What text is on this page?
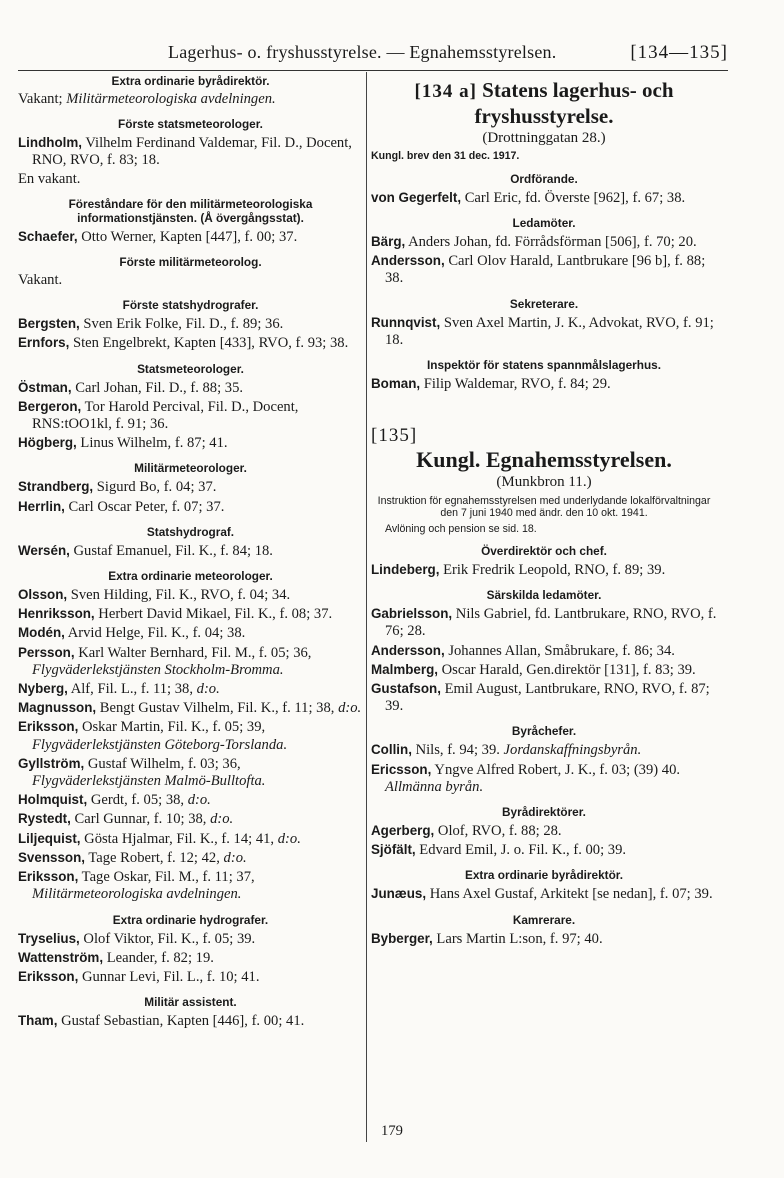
Lagerhus- o. fryshusstyrelse. — Egnahemsstyrelsen.	[134—135]
Extra ordinarie byrådirektör.
Vakant; Militärmeteorologiska avdelningen.
Förste statsmeteorologer.
Lindholm, Vilhelm Ferdinand Valdemar, Fil. D., Docent, RNO, RVO, f. 83; 18.
En vakant.
Föreståndare för den militärmeteorologiska informationstjänsten. (Å övergångsstat).
Schaefer, Otto Werner, Kapten [447], f. 00; 37.
Förste militärmeteorolog.
Vakant.
Förste statshydrografer.
Bergsten, Sven Erik Folke, Fil. D., f. 89; 36.
Ernfors, Sten Engelbrekt, Kapten [433], RVO, f. 93; 38.
Statsmeteorologer.
Östman, Carl Johan, Fil. D., f. 88; 35.
Bergeron, Tor Harold Percival, Fil. D., Docent, RNS:tOO1kl, f. 91; 36.
Högberg, Linus Wilhelm, f. 87; 41.
Militärmeteorologer.
Strandberg, Sigurd Bo, f. 04; 37.
Herrlin, Carl Oscar Peter, f. 07; 37.
Statshydrograf.
Wersén, Gustaf Emanuel, Fil. K., f. 84; 18.
Extra ordinarie meteorologer.
Olsson, Sven Hilding, Fil. K., RVO, f. 04; 34.
Henriksson, Herbert David Mikael, Fil. K., f. 08; 37.
Modén, Arvid Helge, Fil. K., f. 04; 38.
Persson, Karl Walter Bernhard, Fil. M., f. 05; 36, Flygväderlekstjänsten Stockholm-Bromma.
Nyberg, Alf, Fil. L., f. 11; 38, d:o.
Magnusson, Bengt Gustav Vilhelm, Fil. K., f. 11; 38, d:o.
Eriksson, Oskar Martin, Fil. K., f. 05; 39, Flygväderlekstjänsten Göteborg-Torslanda.
Gyllström, Gustaf Wilhelm, f. 03; 36, Flygväderlekstjänsten Malmö-Bulltofta.
Holmquist, Gerdt, f. 05; 38, d:o.
Rystedt, Carl Gunnar, f. 10; 38, d:o.
Liljequist, Gösta Hjalmar, Fil. K., f. 14; 41, d:o.
Svensson, Tage Robert, f. 12; 42, d:o.
Eriksson, Tage Oskar, Fil. M., f. 11; 37, Militärmeteorologiska avdelningen.
Extra ordinarie hydrografer.
Tryselius, Olof Viktor, Fil. K., f. 05; 39.
Wattenström, Leander, f. 82; 19.
Eriksson, Gunnar Levi, Fil. L., f. 10; 41.
Militär assistent.
Tham, Gustaf Sebastian, Kapten [446], f. 00; 41.
[134 a] Statens lagerhus- och fryshusstyrelse.
(Drottninggatan 28.)
Kungl. brev den 31 dec. 1917.
Ordförande.
von Gegerfelt, Carl Eric, fd. Överste [962], f. 67; 38.
Ledamöter.
Bärg, Anders Johan, fd. Förrådsförman [506], f. 70; 20.
Andersson, Carl Olov Harald, Lantbrukare [96 b], f. 88; 38.
Sekreterare.
Runnqvist, Sven Axel Martin, J. K., Advokat, RVO, f. 91; 18.
Inspektör för statens spannmålslagerhus.
Boman, Filip Waldemar, RVO, f. 84; 29.
[135]
Kungl. Egnahemsstyrelsen.
(Munkbron 11.)
Instruktion för egnahemsstyrelsen med underlydande lokalförvaltningar den 7 juni 1940 med ändr. den 10 okt. 1941.
Avlöning och pension se sid. 18.
Överdirektör och chef.
Lindeberg, Erik Fredrik Leopold, RNO, f. 89; 39.
Särskilda ledamöter.
Gabrielsson, Nils Gabriel, fd. Lantbrukare, RNO, RVO, f. 76; 28.
Andersson, Johannes Allan, Småbrukare, f. 86; 34.
Malmberg, Oscar Harald, Gen.direktör [131], f. 83; 39.
Gustafson, Emil August, Lantbrukare, RNO, RVO, f. 87; 39.
Byråchefer.
Collin, Nils, f. 94; 39. Jordanskaffningsbyrån.
Ericsson, Yngve Alfred Robert, J. K., f. 03; (39) 40. Allmänna byrån.
Byrådirektörer.
Agerberg, Olof, RVO, f. 88; 28.
Sjöfält, Edvard Emil, J. o. Fil. K., f. 00; 39.
Extra ordinarie byrådirektör.
Junæus, Hans Axel Gustaf, Arkitekt [se nedan], f. 07; 39.
Kamrerare.
Byberger, Lars Martin L:son, f. 97; 40.
179
